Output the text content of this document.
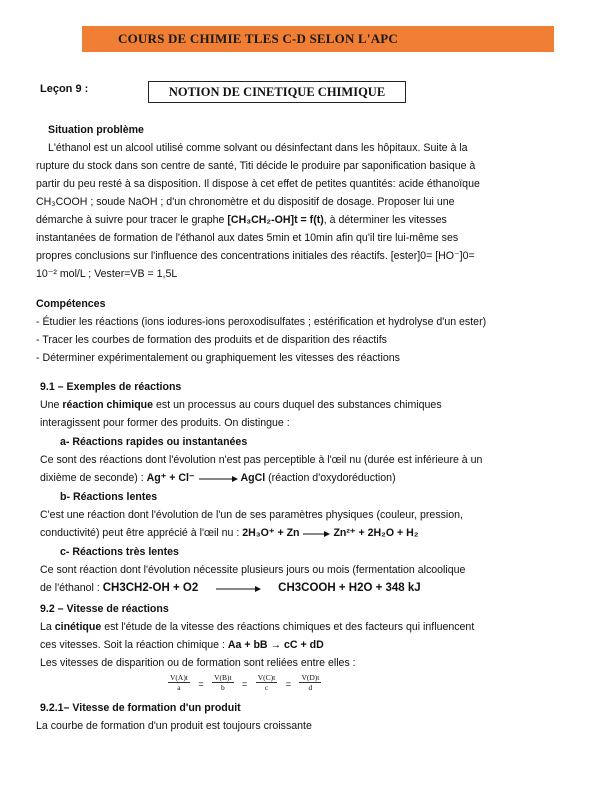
COURS DE CHIMIE TLES C-D SELON L'APC
Leçon 9 :	NOTION DE CINETIQUE CHIMIQUE
Situation problème
L'éthanol est un alcool utilisé comme solvant ou désinfectant dans les hôpitaux. Suite à la
rupture du stock dans son centre de santé, Titi décide le produire par saponification basique à
partir du peu resté à sa disposition. Il dispose à cet effet de petites quantités: acide éthanoïque
CH₃COOH ; soude NaOH ; d'un chronomètre et du dispositif de dosage. Proposer lui une
démarche à suivre pour tracer le graphe [CH₃CH₂-OH]t = f(t), à déterminer les vitesses
instantanées de formation de l'éthanol aux dates 5min et 10min afin qu'il tire lui-même ses
propres conclusions sur l'influence des concentrations initiales des réactifs. [ester]0= [HO⁻]0=
10⁻² mol/L ; Vester=VB = 1,5L
Compétences
- Étudier les réactions (ions iodures-ions peroxodisulfates ; estérification et hydrolyse d'un ester)
- Tracer les courbes de formation des produits et de disparition des réactifs
- Déterminer expérimentalement ou graphiquement les vitesses des réactions
9.1 – Exemples de réactions
Une réaction chimique est un processus au cours duquel des substances chimiques
interagissent pour former des produits. On distingue :
a- Réactions rapides ou instantanées
Ce sont des réactions dont l'évolution n'est pas perceptible à l'œil nu (durée est inférieure à un
dixième de seconde) : Ag⁺ + Cl⁻ → AgCl (réaction d'oxydoréduction)
b- Réactions lentes
C'est une réaction dont l'évolution de l'un de ses paramètres physiques (couleur, pression,
conductivité) peut être apprécié à l'œil nu : 2H₃O⁺ + Zn → Zn²⁺ + 2H₂O + H₂
c- Réactions très lentes
Ce sont réaction dont l'évolution nécessite plusieurs jours ou mois (fermentation alcoolique
de l'éthanol : CH3CH2-OH + O2	CH3COOH + H2O + 348 kJ
9.2 – Vitesse de réactions
La cinétique est l'étude de la vitesse des réactions chimiques et des facteurs qui influencent
ces vitesses. Soit la réaction chimique : Aa + bB → cC + dD
Les vitesses de disparition ou de formation sont reliées entre elles :
$\frac{V(A)t}{a} = \frac{V(B)t}{b} = \frac{V(C)t}{c} = \frac{V(D)t}{d}$
9.2.1– Vitesse de formation d'un produit
La courbe de formation d'un produit est toujours croissante
